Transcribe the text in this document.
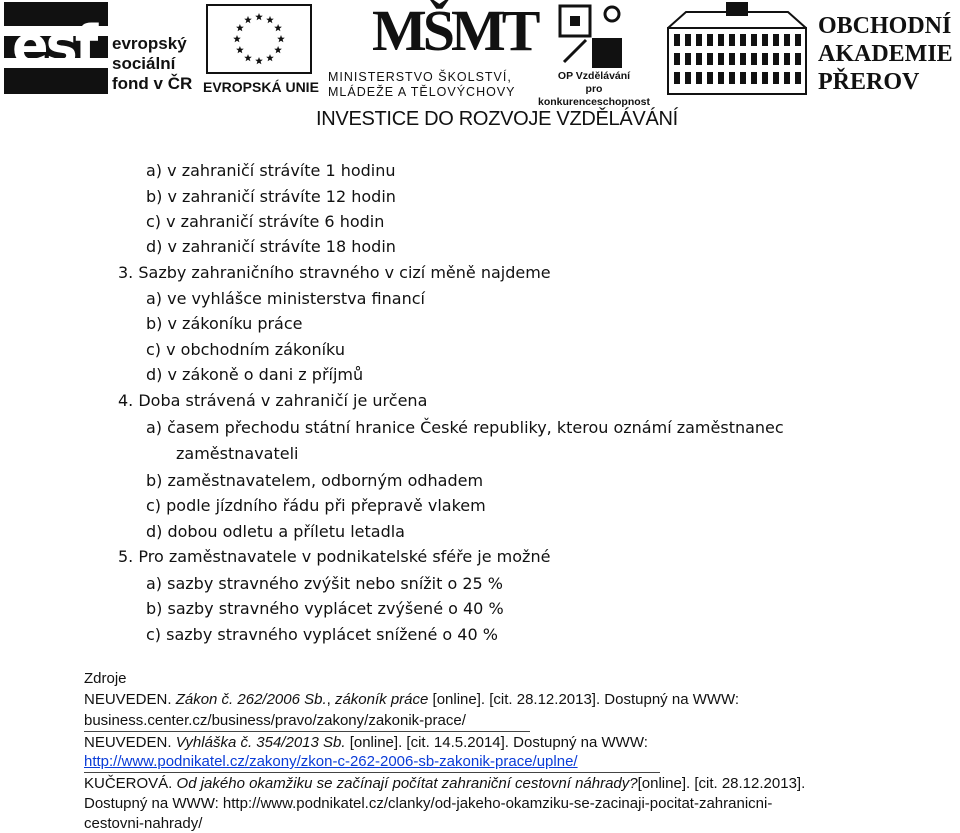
esf evropský
sociální
fond v ČR EVROPSKÁ UNIE
MŠMT
MINISTERSTVO ŠKOLSTVÍ,
MLÁDEŽE A TĚLOVÝCHOVY
OP Vzdělávání
pro konkurenceschopnost
OBCHODNÍ
AKADEMIE
PŘEROV
INVESTICE DO ROZVOJE VZDĚLÁVÁNÍ
a) v zahraničí strávíte 1 hodinu
b) v zahraničí strávíte 12 hodin
c) v zahraničí strávíte 6 hodin
d) v zahraničí strávíte 18 hodin
3. Sazby zahraničního stravného v cizí měně najdeme
a) ve vyhlášce ministerstva financí
b) v zákoníku práce
c) v obchodním zákoníku
d) v zákoně o dani z příjmů
4. Doba strávená v zahraničí je určena
a) časem přechodu státní hranice České republiky, kterou oznámí zaměstnanec
zaměstnavateli
b) zaměstnavatelem, odborným odhadem
c) podle jízdního řádu při přepravě vlakem
d) dobou odletu a příletu letadla
5. Pro zaměstnavatele v podnikatelské sféře je možné
a) sazby stravného zvýšit nebo snížit o 25 %
b) sazby stravného vyplácet zvýšené o 40 %
c) sazby stravného vyplácet snížené o 40 %
Zdroje
NEUVEDEN. Zákon č. 262/2006 Sb., zákoník práce [online]. [cit. 28.12.2013]. Dostupný na WWW:
business.center.cz/business/pravo/zakony/zakonik-prace/
NEUVEDEN. Vyhláška č. 354/2013 Sb. [online]. [cit. 14.5.2014]. Dostupný na WWW:
http://www.podnikatel.cz/zakony/zkon-c-262-2006-sb-zakonik-prace/uplne/
KUČEROVÁ. Od jakého okamžiku se začínají počítat zahraniční cestovní náhrady?[online]. [cit. 28.12.2013].
Dostupný na WWW: http://www.podnikatel.cz/clanky/od-jakeho-okamziku-se-zacinaji-pocitat-zahranicni-
cestovni-nahrady/
